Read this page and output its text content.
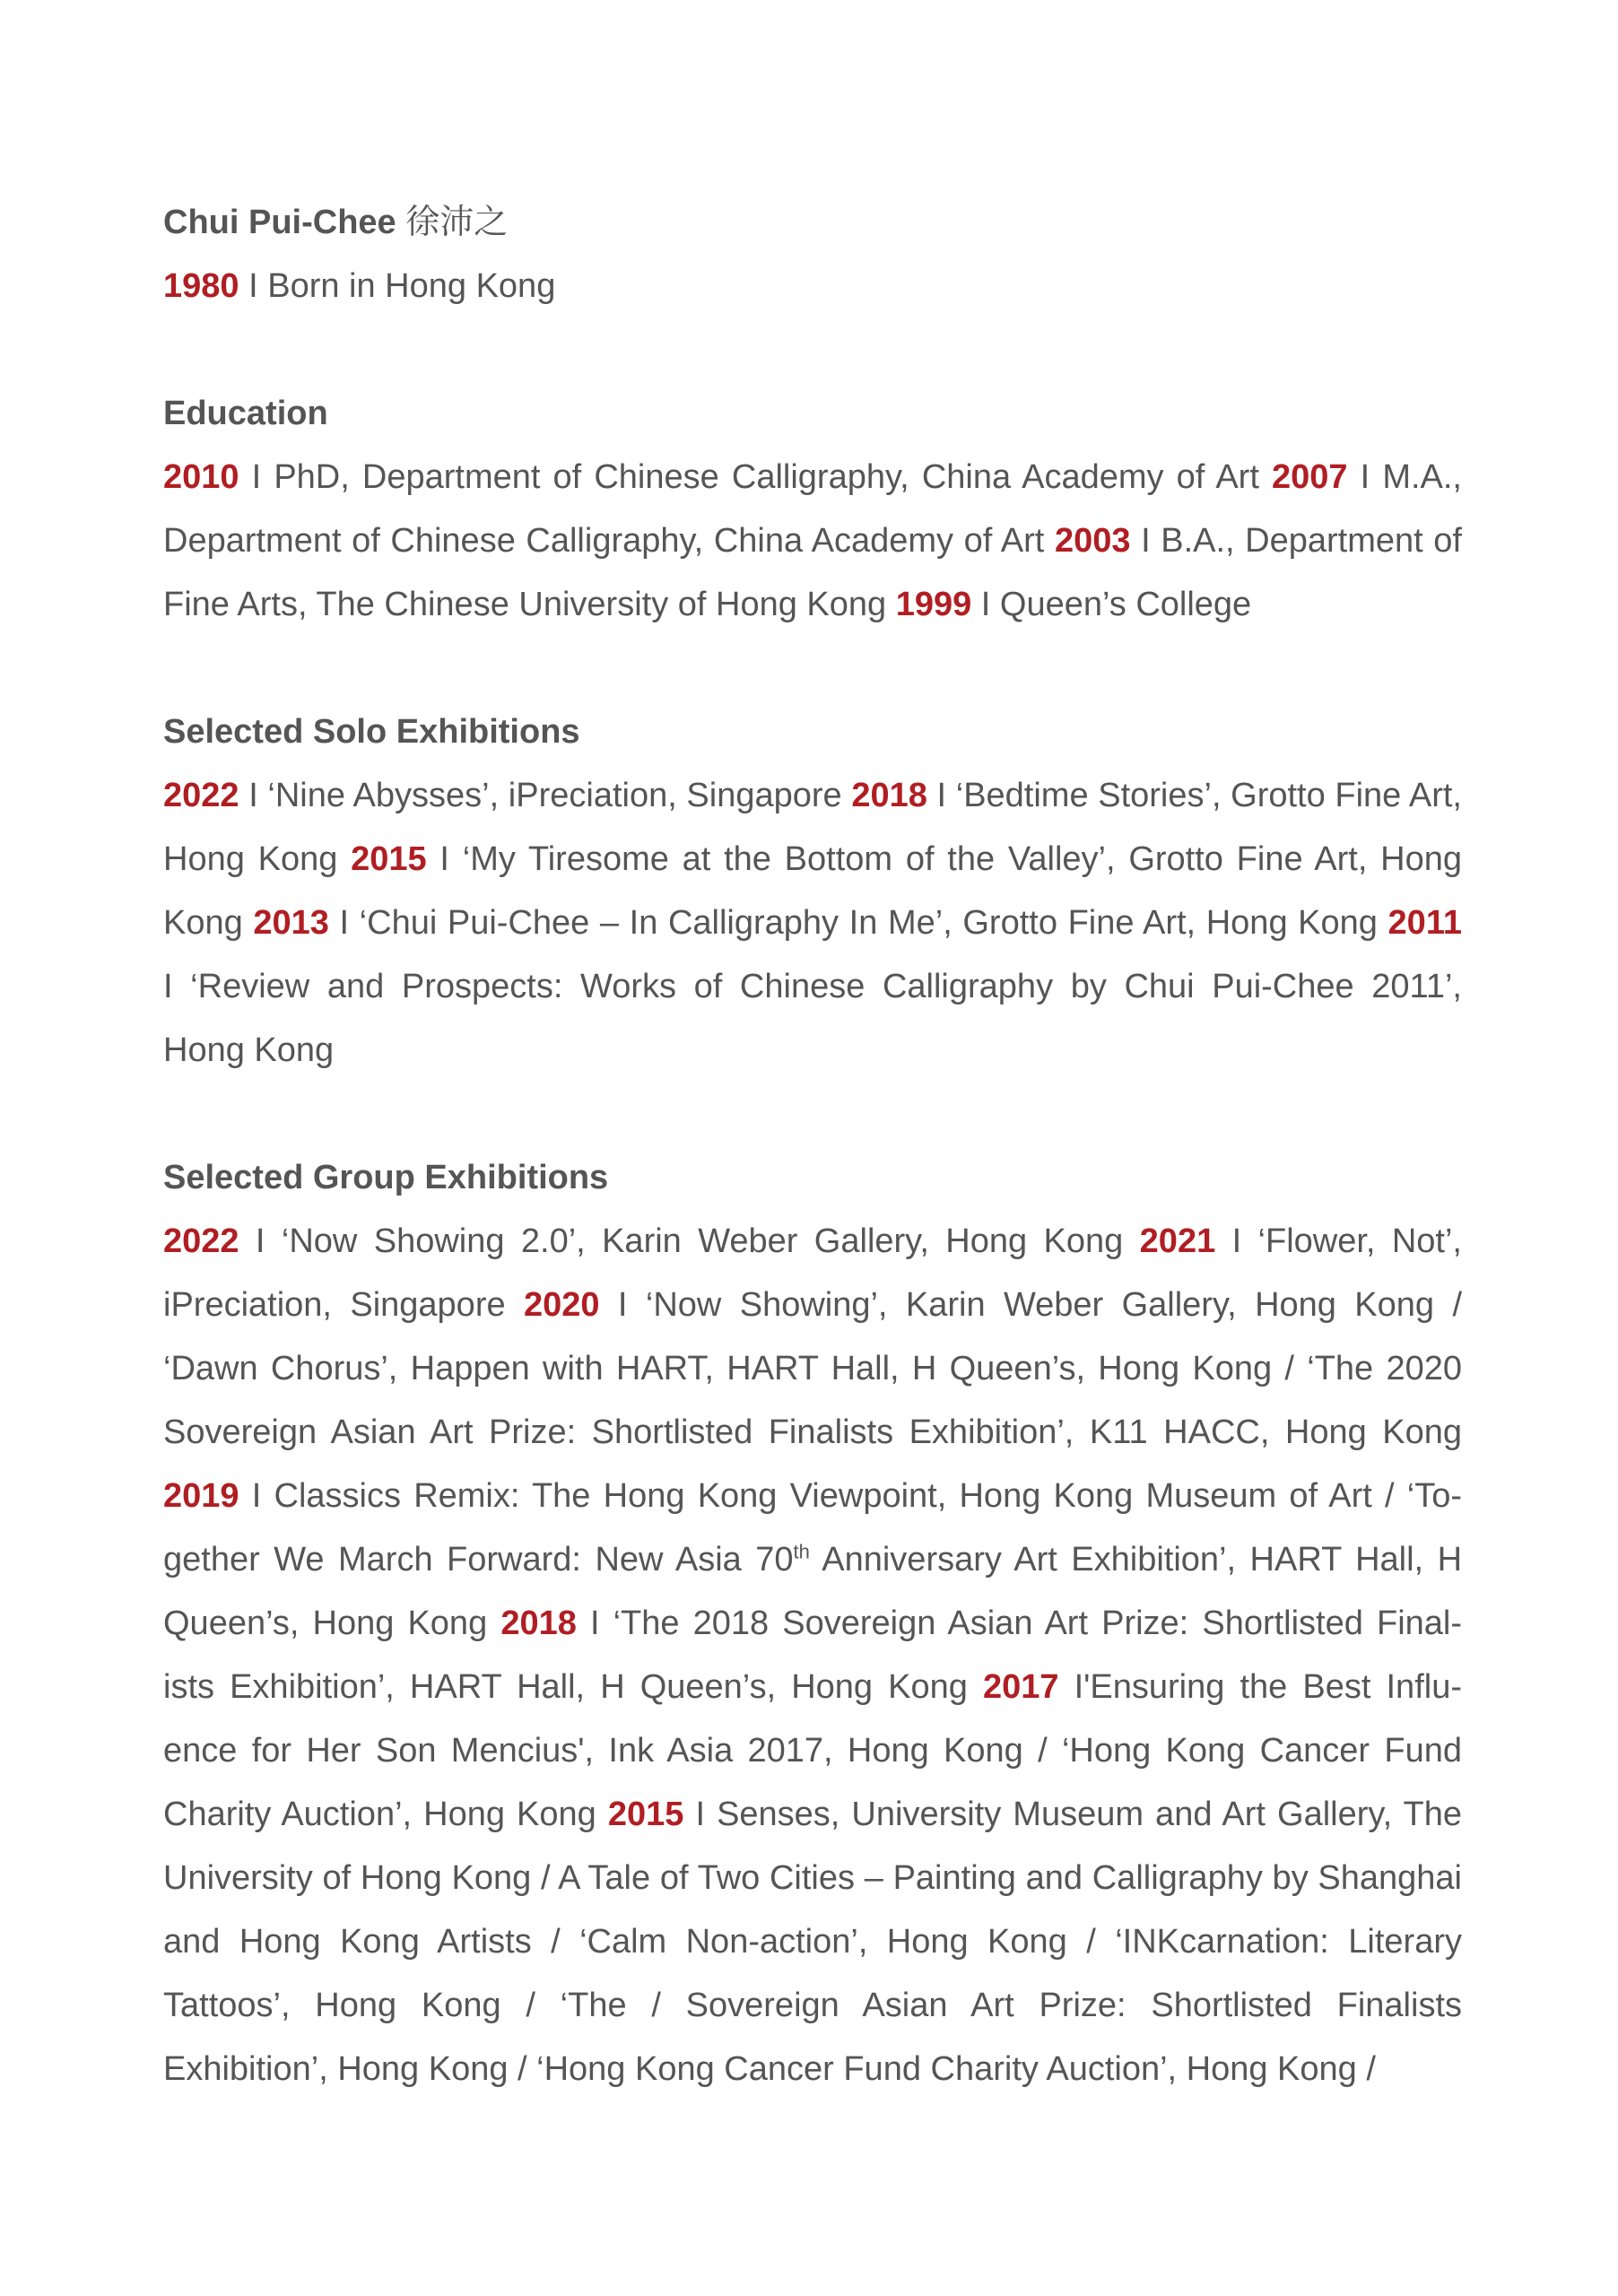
Chui Pui-Chee 徐沛之
1980 I Born in Hong Kong
Education

2010 I PhD, Department of Chinese Calligraphy, China Academy of Art 2007 I M.A., Department of Chinese Calligraphy, China Academy of Art 2003 I B.A., Department of Fine Arts, The Chinese University of Hong Kong 1999 I Queen’s College

Selected Solo Exhibitions

2022 I ‘Nine Abysses’, iPreciation, Singapore 2018 I ‘Bedtime Stories’, Grotto Fine Art, Hong Kong 2015 I ‘My Tiresome at the Bottom of the Valley’, Grotto Fine Art, Hong Kong 2013 I ‘Chui Pui-Chee – In Calligraphy In Me’, Grotto Fine Art, Hong Kong 2011 I ‘Review and Prospects: Works of Chinese Calligraphy by Chui Pui-Chee 2011’, Hong Kong

Selected Group Exhibitions

2022 I ‘Now Showing 2.0’, Karin Weber Gallery, Hong Kong 2021 I ‘Flower, Not’, iPreciation, Singapore 2020 I ‘Now Showing’, Karin Weber Gallery, Hong Kong / ‘Dawn Chorus’, Happen with HART, HART Hall, H Queen’s, Hong Kong / ‘The 2020 Sovereign Asian Art Prize: Shortlisted Finalists Exhibition’, K11 HACC, Hong Kong 2019 I Classics Remix: The Hong Kong Viewpoint, Hong Kong Museum of Art / ‘To-gether We March Forward: New Asia 70th Anniversary Art Exhibition’, HART Hall, H Queen’s, Hong Kong 2018 I ‘The 2018 Sovereign Asian Art Prize: Shortlisted Final-ists Exhibition’, HART Hall, H Queen’s, Hong Kong 2017 I'Ensuring the Best Influ-ence for Her Son Mencius', Ink Asia 2017, Hong Kong / ‘Hong Kong Cancer Fund Charity Auction’, Hong Kong 2015 I Senses, University Museum and Art Gallery, The University of Hong Kong / A Tale of Two Cities – Painting and Calligraphy by Shanghai and Hong Kong Artists / ‘Calm Non-action’, Hong Kong / ‘INKcarnation: Literary Tattoos’, Hong Kong / ‘The / Sovereign Asian Art Prize: Shortlisted Finalists Exhibition’, Hong Kong / ‘Hong Kong Cancer Fund Charity Auction’, Hong Kong /
